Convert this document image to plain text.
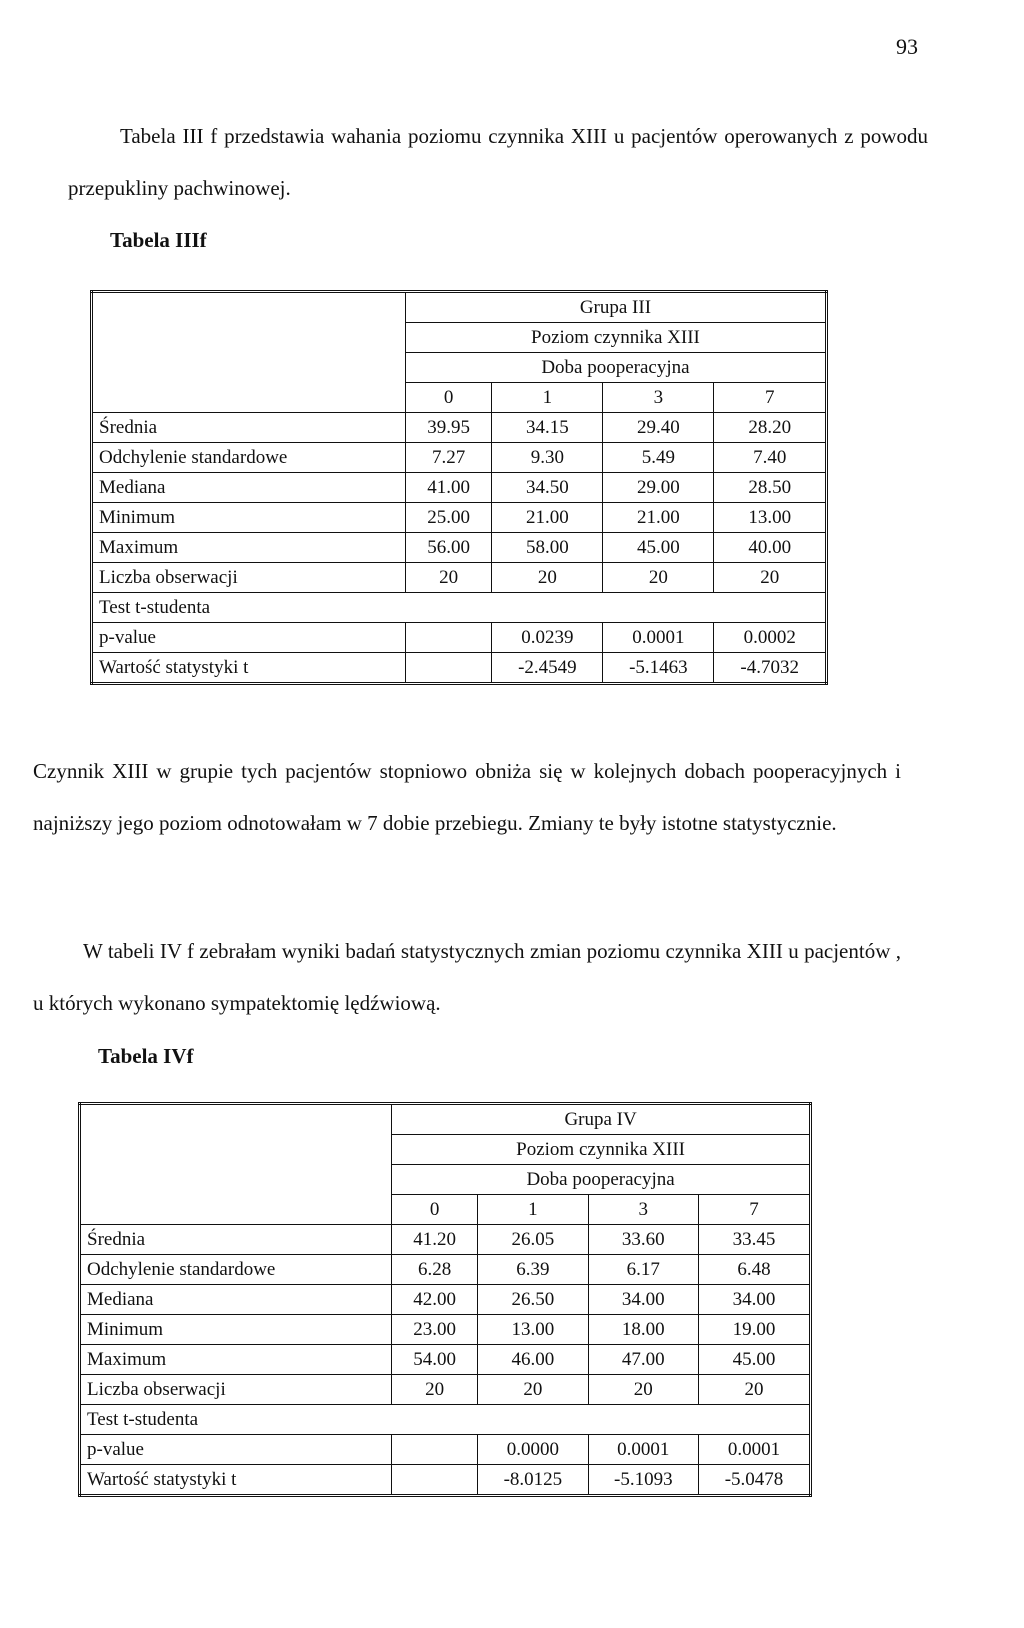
93

Tabela III f przedstawia wahania poziomu czynnika XIII u pacjentów operowanych z powodu przepukliny pachwinowej.

Tabela IIIf
	Grupa III			
	Poziom czynnika XIII			
	Doba pooperacyjna			
	0	1	3	7
Średnia	39.95	34.15	29.40	28.20
Odchylenie standardowe	7.27	9.30	5.49	7.40
Mediana	41.00	34.50	29.00	28.50
Minimum	25.00	21.00	21.00	13.00
Maximum	56.00	58.00	45.00	40.00
Liczba obserwacji	20	20	20	20
Test t-studenta				
p-value		0.0239	0.0001	0.0002
Wartość statystyki t		-2.4549	-5.1463	-4.7032

Czynnik XIII w grupie tych pacjentów stopniowo obniża się w kolejnych dobach pooperacyjnych i najniższy jego poziom odnotowałam w 7 dobie przebiegu. Zmiany te były istotne statystycznie.

W tabeli IV f zebrałam wyniki badań statystycznych zmian poziomu czynnika XIII u pacjentów , u których wykonano sympatektomię lędźwiową.

Tabela IVf
	Grupa IV			
	Poziom czynnika XIII			
	Doba pooperacyjna			
	0	1	3	7
Średnia	41.20	26.05	33.60	33.45
Odchylenie standardowe	6.28	6.39	6.17	6.48
Mediana	42.00	26.50	34.00	34.00
Minimum	23.00	13.00	18.00	19.00
Maximum	54.00	46.00	47.00	45.00
Liczba obserwacji	20	20	20	20
Test t-studenta				
p-value		0.0000	0.0001	0.0001
Wartość statystyki t		-8.0125	-5.1093	-5.0478
